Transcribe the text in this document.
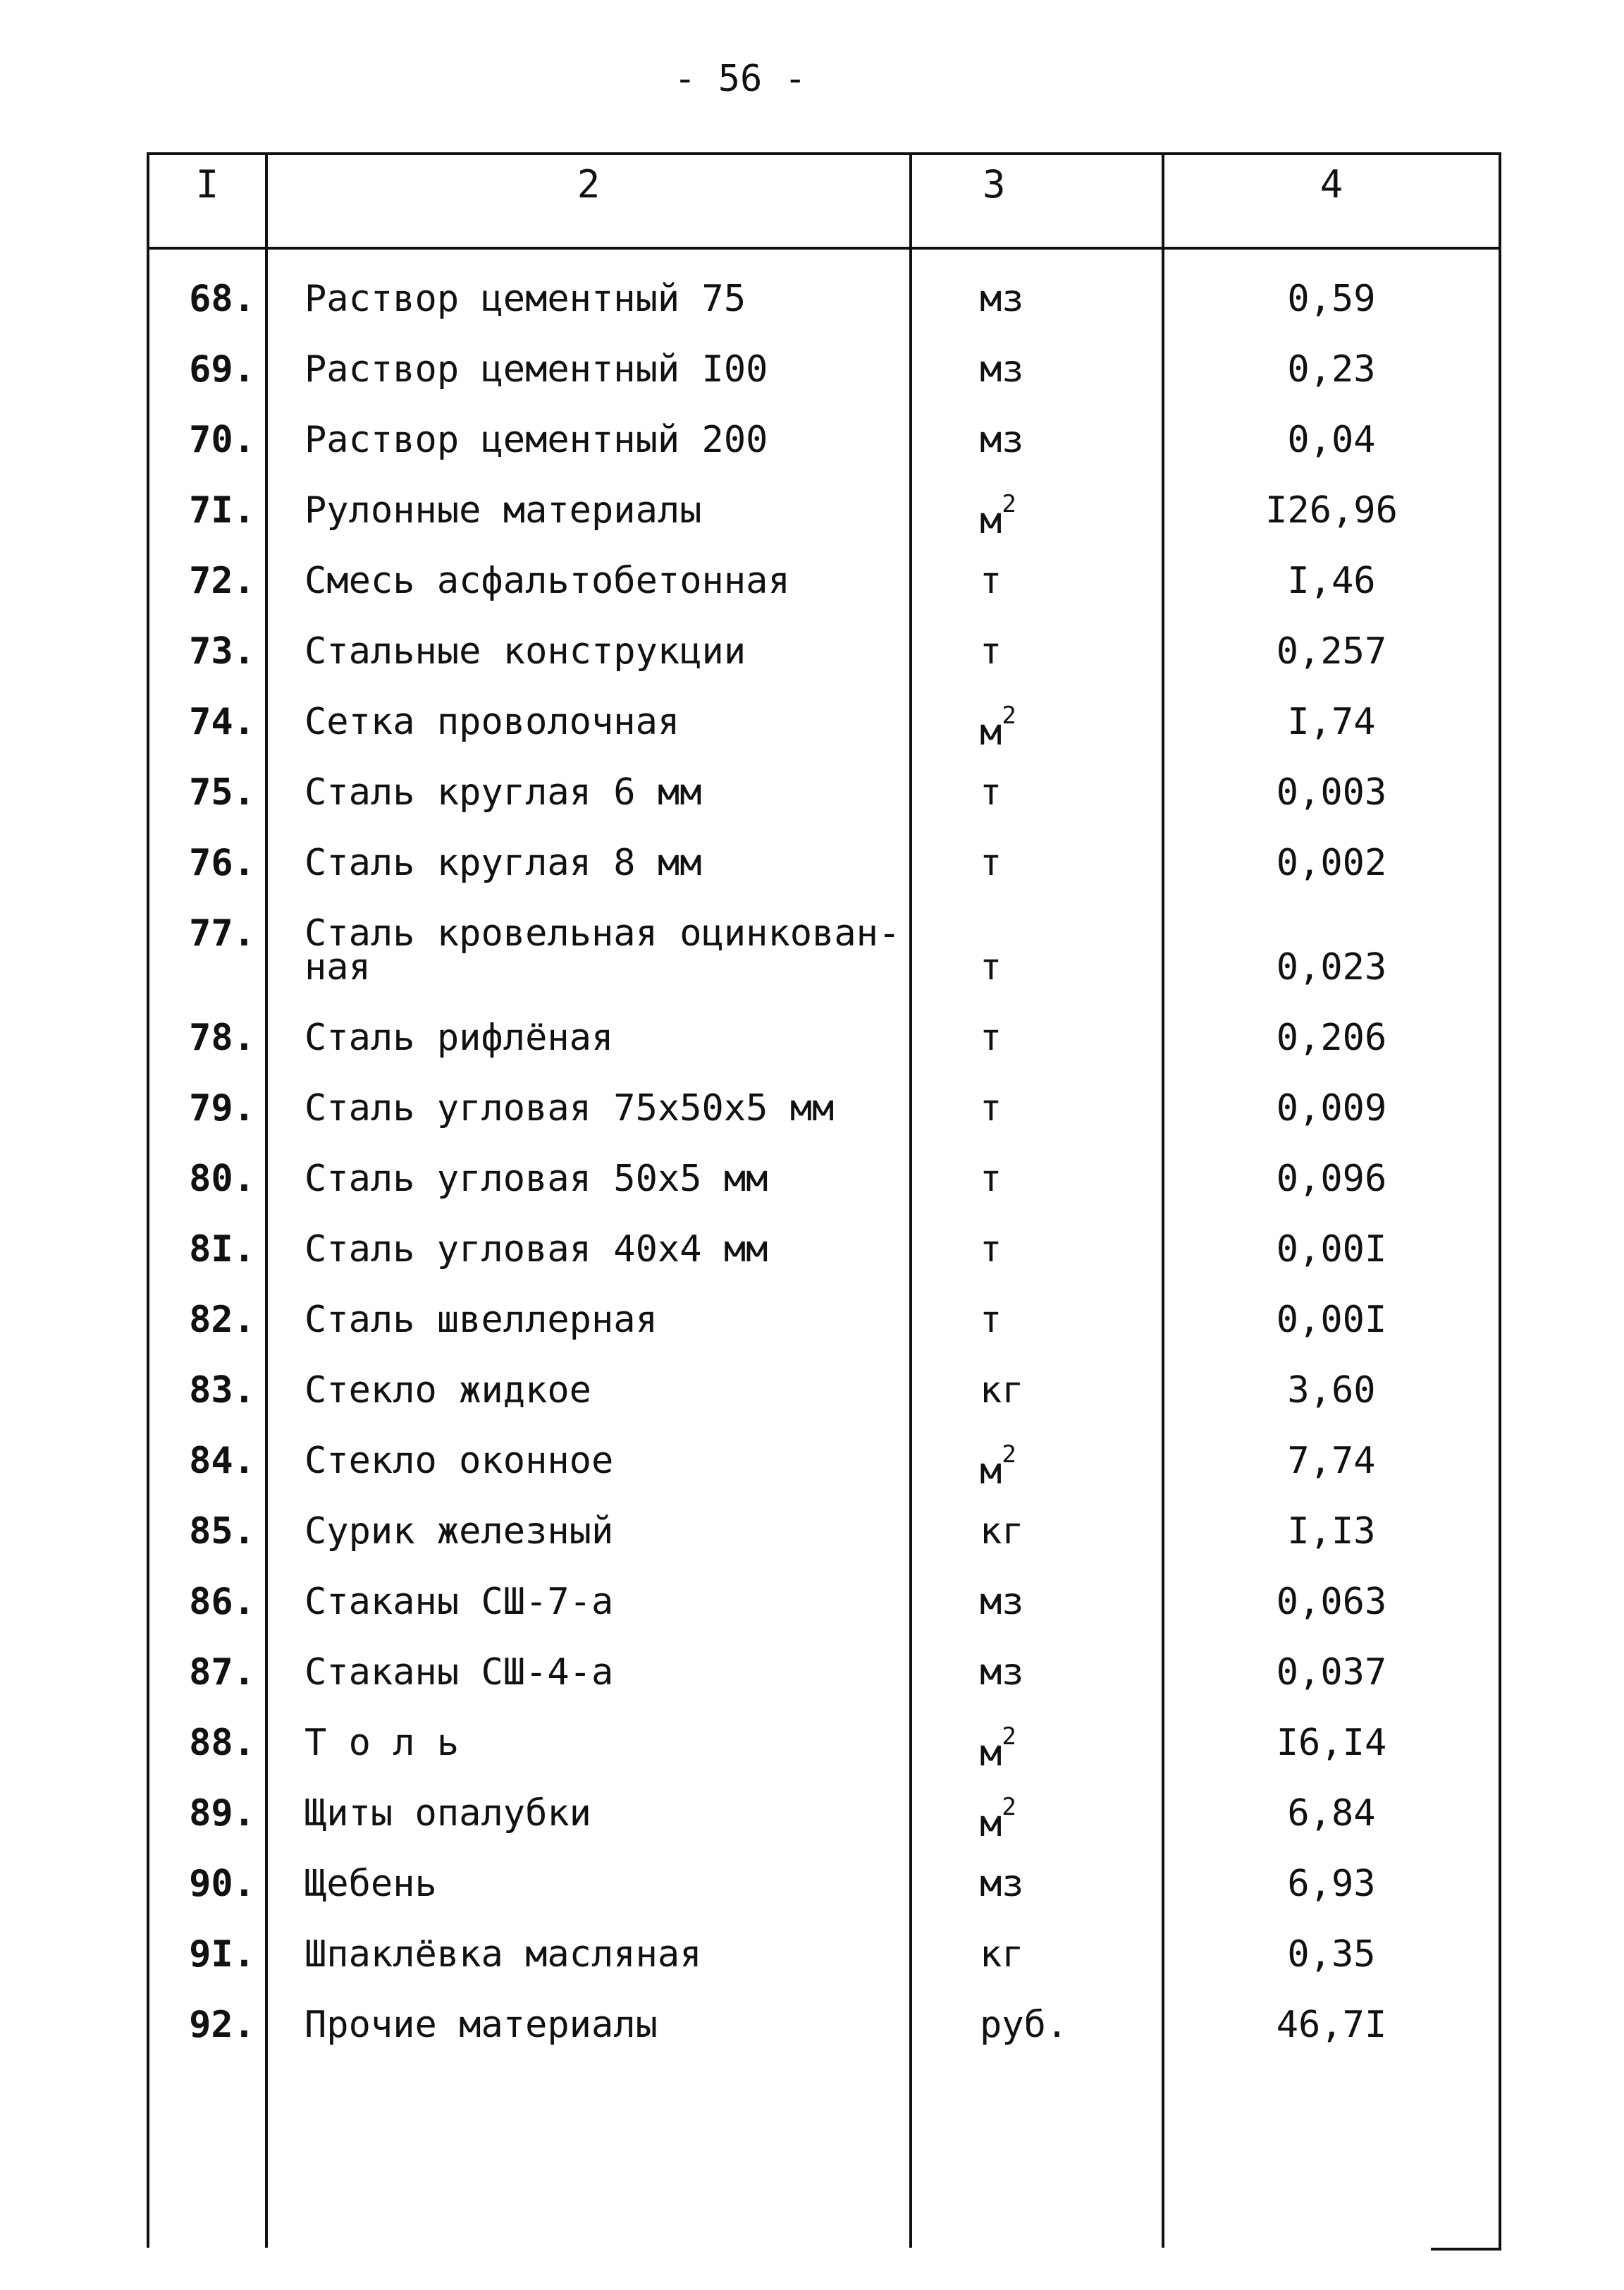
- 56 -
I	2	3	4
68. Раствор цементный 75	мз	0,59
69. Раствор цементный I00	мз	0,23
70. Раствор цементный 200	мз	0,04
7I. Рулонные материалы	$м^2$	I26,96
72. Смесь асфальтобетонная	т	I,46
73. Стальные конструкции	т	0,257
74. Сетка проволочная	$м^2$	I,74
75. Сталь круглая 6 мм	т	0,003
76. Сталь круглая 8 мм	т	0,002
77. Сталь кровельная оцинкован-
ная	т	0,023
78. Сталь рифлёная	т	0,206
79. Сталь угловая 75x50x5 мм	т	0,009
80. Сталь угловая 50x5 мм	т	0,096
8I. Сталь угловая 40x4 мм	т	0,00I
82. Сталь швеллерная	т	0,00I
83. Стекло жидкое	кг	3,60
84. Стекло оконное	$м^2$	7,74
85. Сурик железный	кг	I,I3
86. Стаканы СШ-7-а	мз	0,063
87. Стаканы СШ-4-а	мз	0,037
88. Т о л ь	$м^2$	I6,I4
89. Щиты опалубки	$м^2$	6,84
90. Щебень	мз	6,93
9I. Шпаклёвка масляная	кг	0,35
92. Прочие материалы	руб.	46,7I
